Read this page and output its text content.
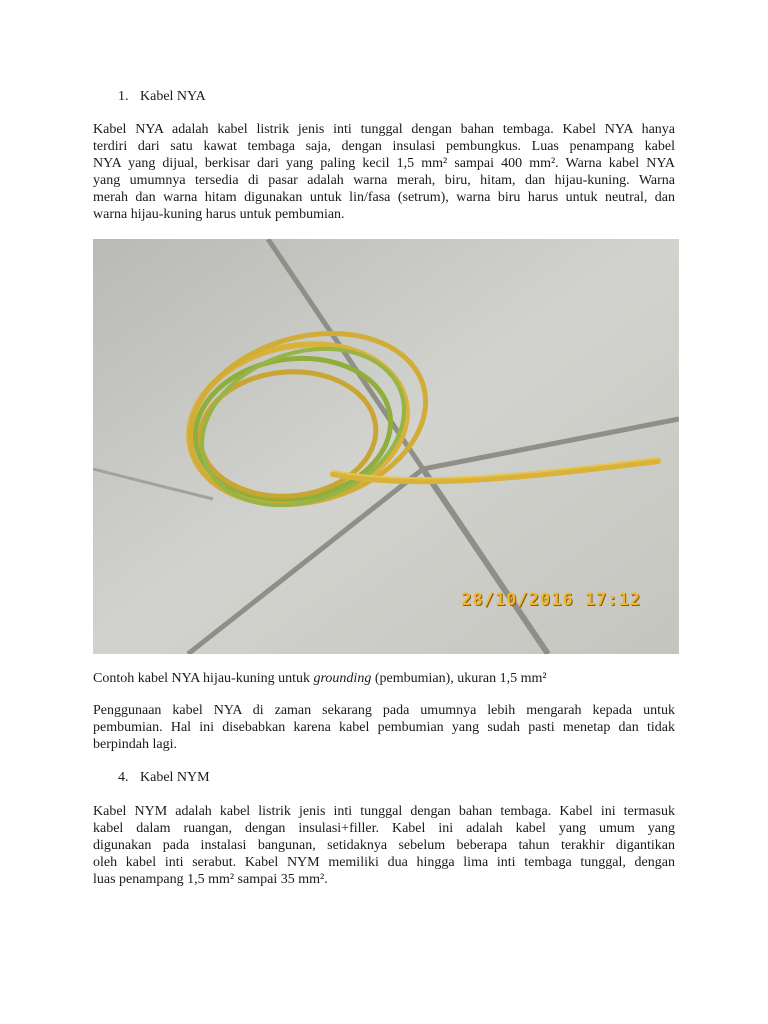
1. Kabel NYA

Kabel NYA adalah kabel listrik jenis inti tunggal dengan bahan tembaga. Kabel NYA hanya
terdiri dari satu kawat tembaga saja, dengan insulasi pembungkus. Luas penampang kabel
NYA yang dijual, berkisar dari yang paling kecil 1,5 mm² sampai 400 mm². Warna kabel NYA
yang umumnya tersedia di pasar adalah warna merah, biru, hitam, dan hijau-kuning. Warna
merah dan warna hitam digunakan untuk lin/fasa (setrum), warna biru harus untuk neutral, dan
warna hijau-kuning harus untuk pembumian.

28/10/2016 17:12
Contoh kabel NYA hijau-kuning untuk grounding (pembumian), ukuran 1,5 mm²

Penggunaan kabel NYA di zaman sekarang pada umumnya lebih mengarah kepada untuk
pembumian. Hal ini disebabkan karena kabel pembumian yang sudah pasti menetap dan tidak
berpindah lagi.

4. Kabel NYM

Kabel NYM adalah kabel listrik jenis inti tunggal dengan bahan tembaga. Kabel ini termasuk
kabel dalam ruangan, dengan insulasi+filler. Kabel ini adalah kabel yang umum yang
digunakan pada instalasi bangunan, setidaknya sebelum beberapa tahun terakhir digantikan
oleh kabel inti serabut. Kabel NYM memiliki dua hingga lima inti tembaga tunggal, dengan
luas penampang 1,5 mm² sampai 35 mm².
